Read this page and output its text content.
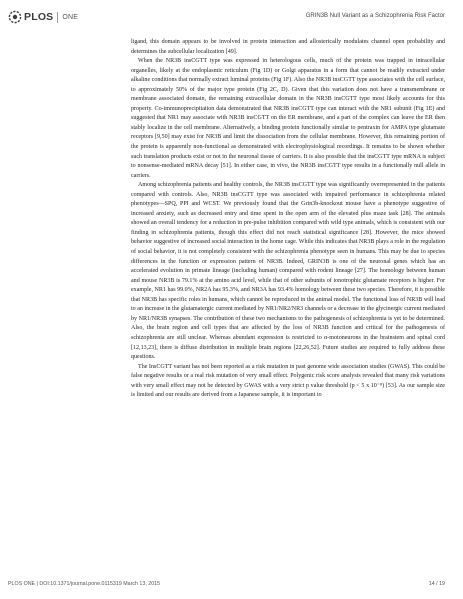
PLOS ONE	GRIN3B Null Variant as a Schizophrenia Risk Factor

ligand, this domain appears to be involved in protein interaction and allosterically modulates channel open probability and determines the subcellular localization [49].

When the NR3B insCGTT type was expressed in heterologous cells, much of the protein was trapped in intracellular organelles, likely at the endoplasmic reticulum (Fig 1D) or Golgi apparatus in a form that cannot be readily extracted under alkaline conditions that normally extract luminal proteins (Fig 1F). Also the NR3B insCGTT type associates with the cell surface, to approximately 50% of the major type protein (Fig 2C, D). Given that this variation does not have a transmembrane or membrane associated domain, the remaining extracellular domain in the NR3B insCGTT type most likely accounts for this property. Co-immunoprecipitation data demonstrated that NR3B insCGTT type can interact with the NR1 subunit (Fig 1E) and suggested that NR1 may associate with NR3B insCGTT on the ER membrane, and a part of the complex can leave the ER then stably localize in the cell membrane. Alternatively, a binding protein functionally similar to pentraxin for AMPA type glutamate receptors [9,50] may exist for NR3B and limit the dissociation from the cellular membrane. However, this remaining portion of the protein is apparently non-functional as demonstrated with electrophysiological recordings. It remains to be shown whether such translation products exist or not in the neuronal tissue of carriers. It is also possible that the insCGTT type mRNA is subject to nonsense-mediated mRNA decay [51]. In either case, in vivo, the NR3B insCGTT type results in a functionally null allele in carriers.

Among schizophrenia patients and healthy controls, the NR3B insCGTT type was significantly overrepresented in the patients compared with controls. Also, NR3B insCGTT type was associated with impaired performance in schizophrenia related phenotypes—SPQ, PPI and WCST. We previously found that the Grin3b-knockout mouse have a phenotype suggestive of increased anxiety, such as decreased entry and time spent in the open arm of the elevated plus maze task [28]. The animals showed an overall tendency for a reduction in pre-pulse inhibition compared with wild type animals, which is consistent with our finding in schizophrenia patients, though this effect did not reach statistical significance [28]. However, the mice showed behavior suggestive of increased social interaction in the home cage. While this indicates that NR3B plays a role in the regulation of social behavior, it is not completely consistent with the schizophrenia phenotype seen in humans. This may be due to species differences in the function or expression pattern of NR3B. Indeed, GRIN3B is one of the neuronal genes which has an accelerated evolution in primate lineage (including human) compared with rodent lineage [27]. The homology between human and mouse NR3B is 79.1% at the amino acid level, while that of other subunits of ionotrophic glutamate receptors is higher. For example, NR1 has 99.0%, NR2A has 95.3%, and NR3A has 93.4% homology between these two species. Therefore, it is possible that NR3B has specific roles in humans, which cannot be reproduced in the animal model. The functional loss of NR3B will lead to an increase in the glutamatergic current mediated by NR1/NR2/NR3 channels or a decrease in the glycinergic current mediated by NR1/NR3B synapses. The contribution of these two mechanisms to the pathogenesis of schizophrenia is yet to be determined. Also, the brain region and cell types that are affected by the loss of NR3B function and critical for the pathogenesis of schizophrenia are still unclear. Whereas abundant expression is restricted to α-motoneurons in the brainstem and spinal cord [12,13,23], there is diffuse distribution in multiple brain regions [22,26,52]. Future studies are required to fully address these questions.

The InsCGTT variant has not been reported as a risk mutation in past genome wide association studies (GWAS). This could be false negative results or a real risk mutation of very small effect. Polygenic risk score analysis revealed that many risk variations with very small effect may not be detected by GWAS with a very strict p value threshold (p < 5 x 10⁻⁸) [53]. As our sample size is limited and our results are derived from a Japanese sample, it is important to

PLOS ONE | DOI:10.1371/journal.pone.0115319 March 13, 2015	14 / 19
